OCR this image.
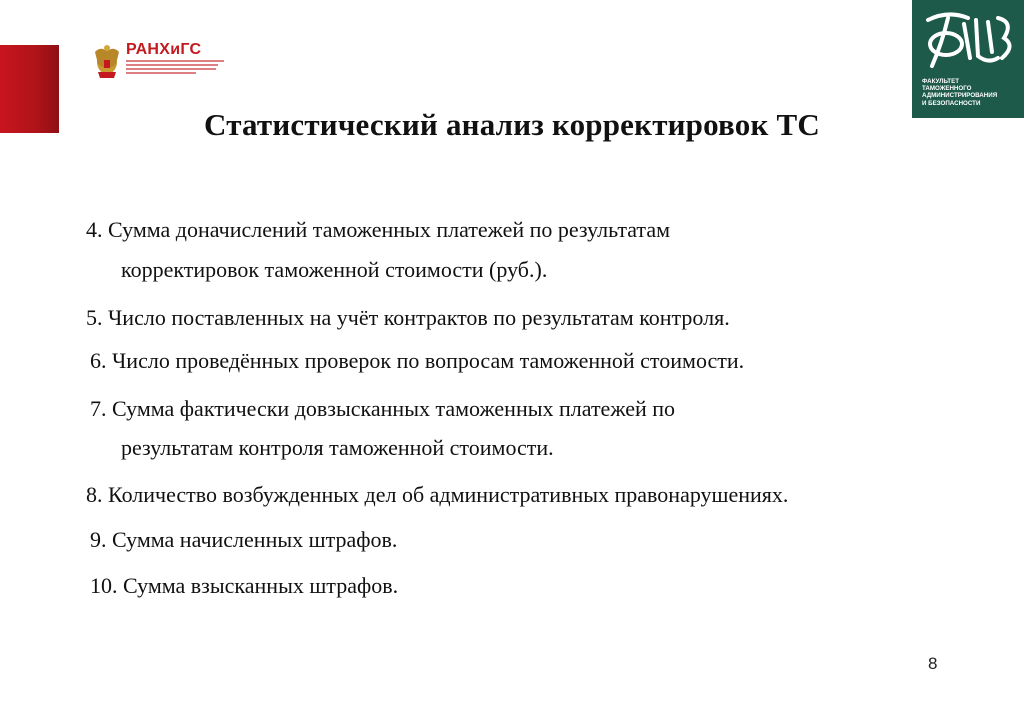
РАНХиГС
ФАКУЛЬТЕТ
ТАМОЖЕННОГО
АДМИНИСТРИРОВАНИЯ
И БЕЗОПАСНОСТИ
Статистический анализ корректировок ТС
4. Сумма доначислений таможенных платежей по результатам
корректировок таможенной стоимости (руб.).
5. Число поставленных на учёт контрактов по результатам контроля.
6. Число проведённых проверок по вопросам таможенной стоимости.
7. Сумма фактически довзысканных таможенных платежей по
результатам контроля таможенной стоимости.
8. Количество возбужденных дел об административных правонарушениях.
9. Сумма начисленных штрафов.
10. Сумма взысканных штрафов.
8
